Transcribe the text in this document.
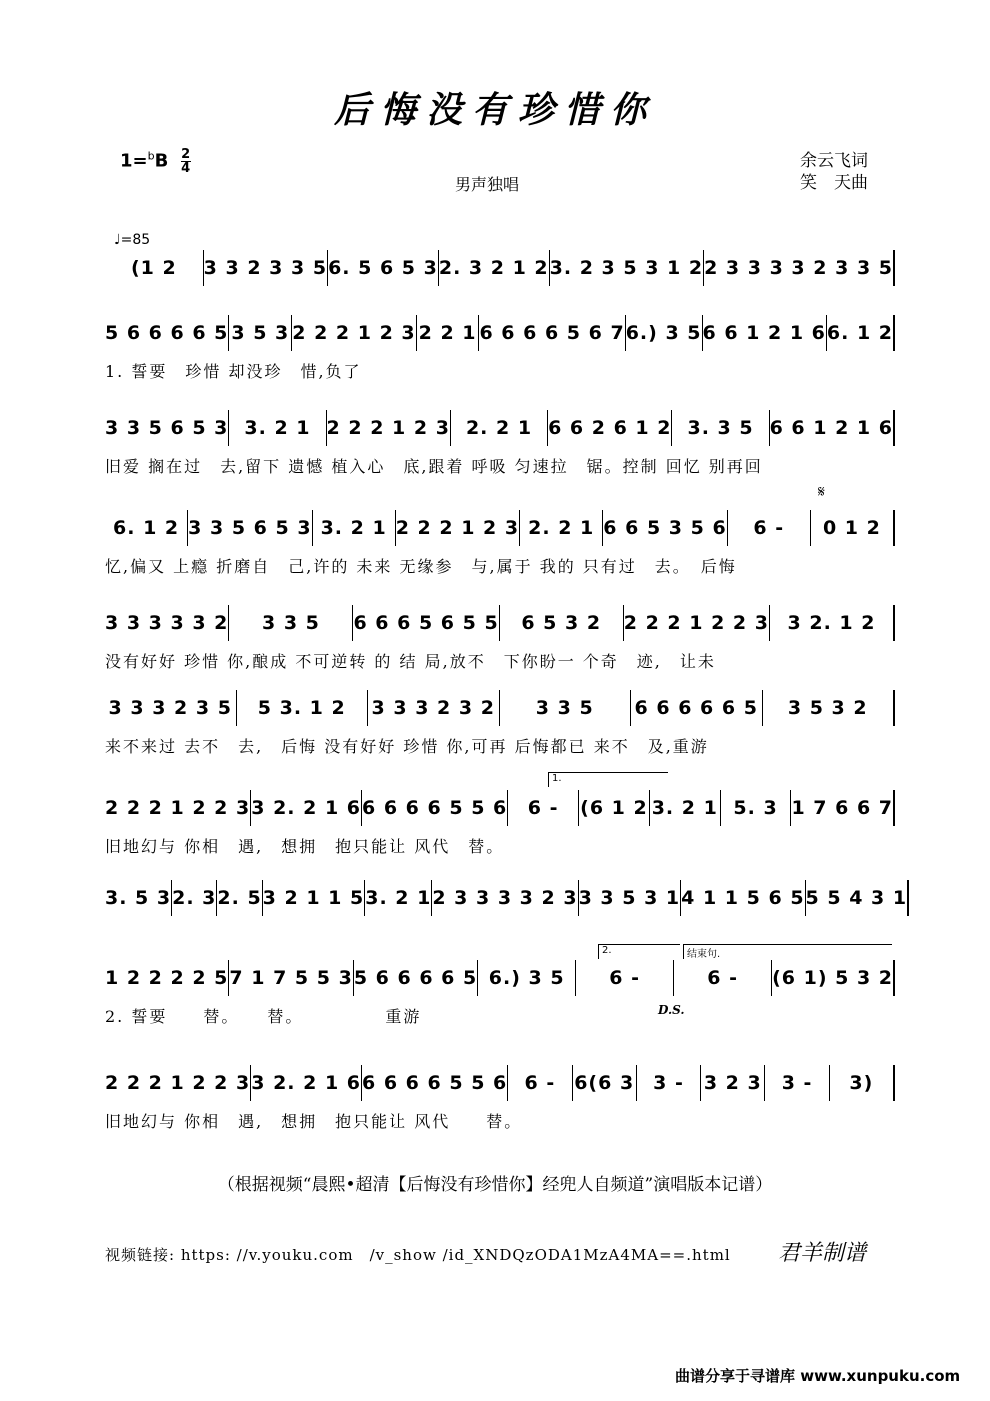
后悔没有珍惜你
$1=^bB \frac{2}{4}$
男声独唱
余云飞词
笑　天曲
♩=85
(1 2	3 3 2 3 3 5 6. 5 6 5 3 2. 3 2 1 2 3. 2 3 5 3 1 2 2 3 3 3 3 2 3 3 5
5 6 6 6 6 5 3 5 3 2 2 2 1 2 3 2 2 1 6 6 6 6 5 6 7 6.) 3 5 6 6 1 2 1 6 6. 1 2
1. 誓要　珍惜 却没珍　惜,负了
3 3 5 6 5 3 3. 2 1 2 2 2 1 2 3 2. 2 1 6 6 2 6 1 2 3. 3 5 6 6 1 2 1 6
旧爱 搁在过　去,留下 遗憾 植入心　底,跟着 呼吸 匀速拉　锯。控制 回忆 别再回
6. 1 2 3 3 5 6 5 3 3. 2 1 2 2 2 1 2 3 2. 2 1 6 6 5 3 5 6	6 -	0 1 2
忆,偏又 上瘾 折磨自　己,许的 未来 无缘参　与,属于 我的 只有过　去。　后悔
3 3 3 3 3 2	3 3 5	6 6 6 5 6 5 5	6 5 3 2	2 2 2 1 2 2 3 3 2. 1 2
没有好好 珍惜 你,酿成 不可逆转 的 结 局,放不　下你盼一 个奇　迹,　让未
3 3 3 2 3 5	5 3. 1 2	3 3 3 2 3 2	3 3 5	6 6 6 6 6 5	3 5 3 2
来不来过 去不　去,　后悔 没有好好 珍惜 你,可再 后悔都已 来不　及,重游
2 2 2 1 2 2 3 3 2. 2 1 6 6 6 6 6 5 5 6	6 -	(6 1 2 3. 2 1 5. 3 1 7 6 6 7
旧地幻与 你相　遇,　想拥　抱只能让 风代　替。
3. 5 3 2. 3 2. 5 3 2 1 1 5 3. 2 1 2 3 3 3 3 2 3 3 3 5 3 1 4 1 1 5 6 5 5 5 4 3 1
1 2 2 2 2 5 7 1 7 5 5 3 5 6 6 6 6 5 6.) 3 5	6 -	6 -	(6 1) 5 3 2
2. 誓要　　替。　　替。　　　　　重游
2 2 2 1 2 2 3 3 2. 2 1 6 6 6 6 6 5 5 6 6 - 6(6 3 3 -	3 2 3	3 -	3)
旧地幻与 你相　遇,　想拥　抱只能让 风代　　替。
𝄋
D.S.
1.
2.	结束句.
（根据视频“晨熙•超清【后悔没有珍惜你】经兜人自频道”演唱版本记谱）
视频链接: https: //v.youku.com　/v_show /id_XNDQzODA1MzA4MA==.html 君羊制谱
曲谱分享于寻谱库 www.xunpuku.com
